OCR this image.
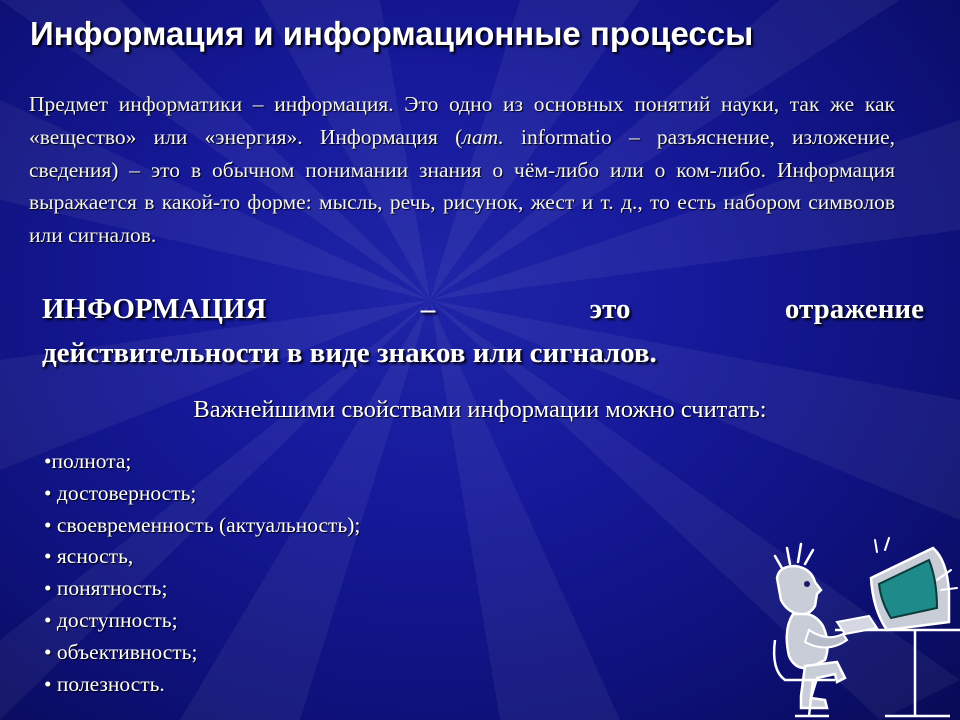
Информация и информационные процессы
Предмет информатики – информация. Это одно из основных понятий науки, так же как «вещество» или «энергия». Информация (лат. informatio – разъяснение, изложение, сведения) – это в обычном понимании знания о чём-либо или о ком-либо. Информация выражается в какой-то форме: мысль, речь, рисунок, жест и т. д., то есть набором символов или сигналов.
ИНФОРМАЦИЯ – это отражение
действительности в виде знаков или сигналов.
Важнейшими свойствами информации можно считать:
•полнота;
• достоверность;
• своевременность (актуальность);
• ясность,
• понятность;
• доступность;
• объективность;
• полезность.
